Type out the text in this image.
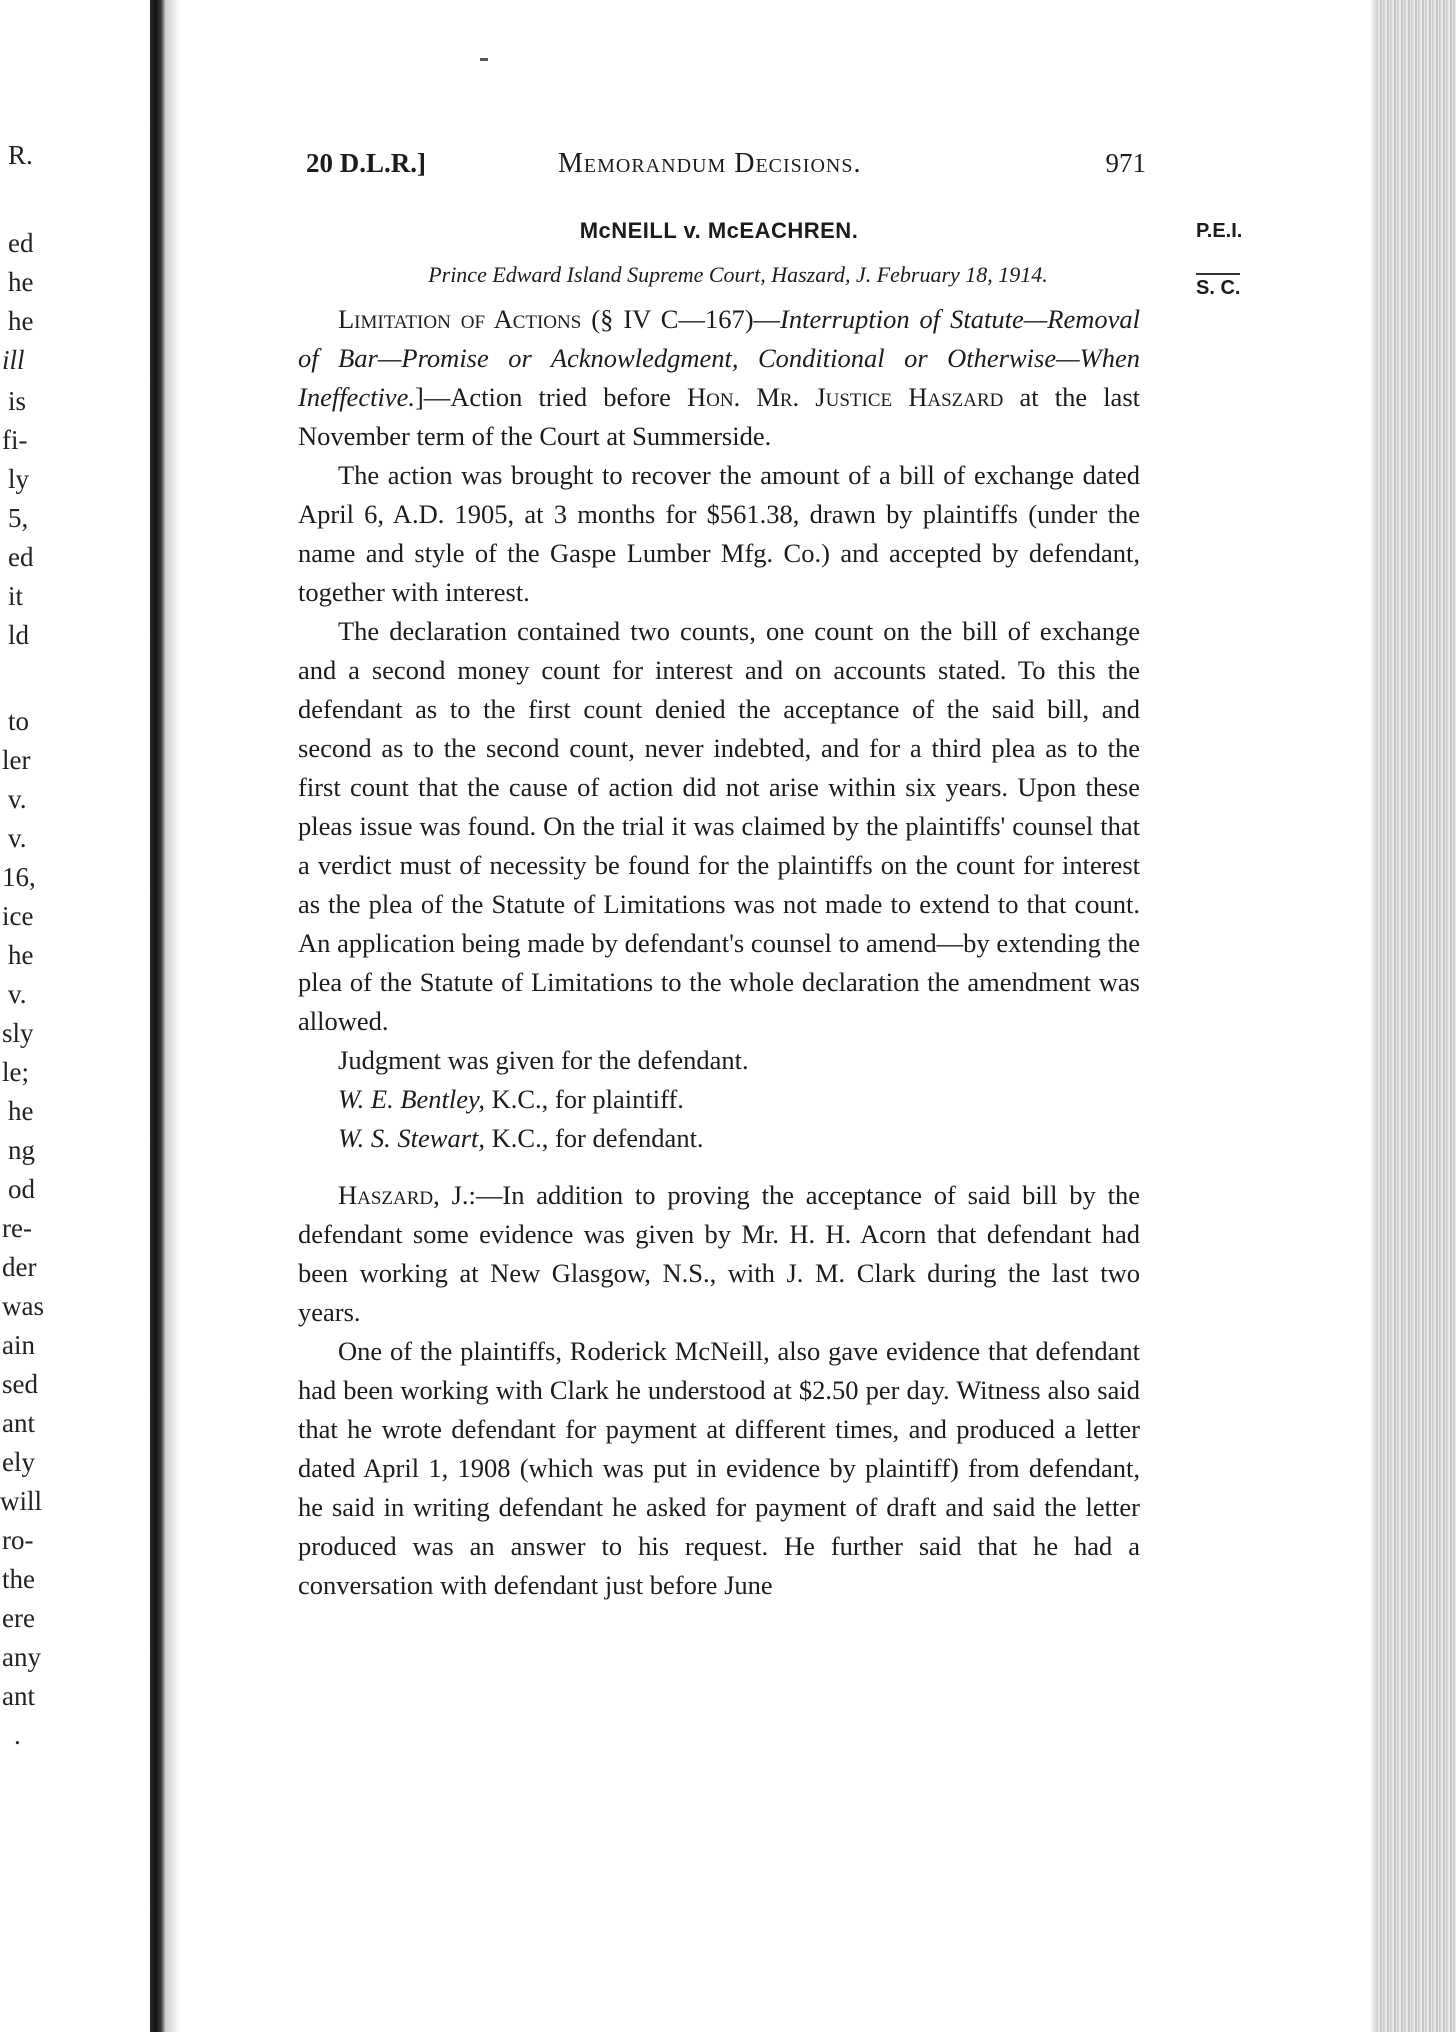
R.
ed
he
he
ill
is
fi-
ly
5,
ed
it
ld
to
ler
v.
v.
16,
ice
he
v.
sly
le;
he
ng
od
re-
der
was
ain
sed
ant
ely
will
ro-
the
ere
any
ant
.
20 D.L.R.]	Memorandum Decisions.	971
McNEILL v. McEACHREN.
Prince Edward Island Supreme Court, Haszard, J. February 18, 1914.

Limitation of Actions (§ IV C—167)—Interruption of Statute—Removal of Bar—Promise or Acknowledgment, Conditional or Otherwise—When Ineffective.]—Action tried before Hon. Mr. Justice Haszard at the last November term of the Court at Summerside.

The action was brought to recover the amount of a bill of exchange dated April 6, A.D. 1905, at 3 months for $561.38, drawn by plaintiffs (under the name and style of the Gaspe Lumber Mfg. Co.) and accepted by defendant, together with interest.

The declaration contained two counts, one count on the bill of exchange and a second money count for interest and on accounts stated. To this the defendant as to the first count denied the acceptance of the said bill, and second as to the second count, never indebted, and for a third plea as to the first count that the cause of action did not arise within six years. Upon these pleas issue was found. On the trial it was claimed by the plaintiffs' counsel that a verdict must of necessity be found for the plaintiffs on the count for interest as the plea of the Statute of Limitations was not made to extend to that count. An application being made by defendant's counsel to amend—by extending the plea of the Statute of Limitations to the whole declaration the amendment was allowed.

Judgment was given for the defendant.

W. E. Bentley, K.C., for plaintiff.

W. S. Stewart, K.C., for defendant.

Haszard, J.:—In addition to proving the acceptance of said bill by the defendant some evidence was given by Mr. H. H. Acorn that defendant had been working at New Glasgow, N.S., with J. M. Clark during the last two years.

One of the plaintiffs, Roderick McNeill, also gave evidence that defendant had been working with Clark he understood at $2.50 per day. Witness also said that he wrote defendant for payment at different times, and produced a letter dated April 1, 1908 (which was put in evidence by plaintiff) from defendant, he said in writing defendant he asked for payment of draft and said the letter produced was an answer to his request. He further said that he had a conversation with defendant just before June

P.E.I.
S. C.
